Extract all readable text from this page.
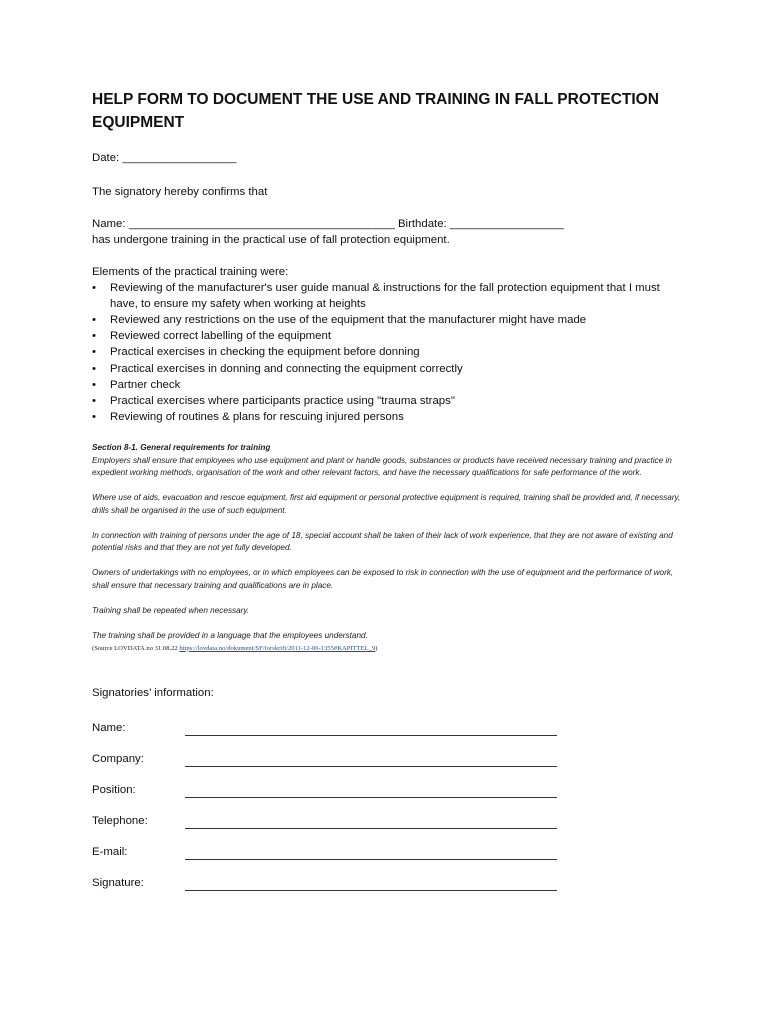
HELP FORM TO DOCUMENT THE USE AND TRAINING IN FALL PROTECTION EQUIPMENT
Date: __________________
The signatory hereby confirms that
Name: __________________________________________ Birthdate: __________________
has undergone training in the practical use of fall protection equipment.
Elements of the practical training were:
• Reviewing of the manufacturer's user guide manual & instructions for the fall protection equipment that I must have, to ensure my safety when working at heights
• Reviewed any restrictions on the use of the equipment that the manufacturer might have made
• Reviewed correct labelling of the equipment
• Practical exercises in checking the equipment before donning
• Practical exercises in donning and connecting the equipment correctly
• Partner check
• Practical exercises where participants practice using "trauma straps"
• Reviewing of routines & plans for rescuing injured persons
Section 8-1. General requirements for training

Employers shall ensure that employees who use equipment and plant or handle goods, substances or products have received necessary training and practice in expedient working methods, organisation of the work and other relevant factors, and have the necessary qualifications for safe performance of the work.

Where use of aids, evacuation and rescue equipment, first aid equipment or personal protective equipment is required, training shall be provided and, if necessary, drills shall be organised in the use of such equipment.

In connection with training of persons under the age of 18, special account shall be taken of their lack of work experience, that they are not aware of existing and potential risks and that they are not yet fully developed.

Owners of undertakings with no employees, or in which employees can be exposed to risk in connection with the use of equipment and the performance of work, shall ensure that necessary training and qualifications are in place.

Training shall be repeated when necessary.

The training shall be provided in a language that the employees understand.

(Source LOVDATA.no 31.08.22 https://lovdata.no/dokument/SF/forskrift/2011-12-06-1355#KAPITTEL_9)
Signatories’ information:
Name:
Company:
Position:
Telephone:
E-mail:
Signature:
